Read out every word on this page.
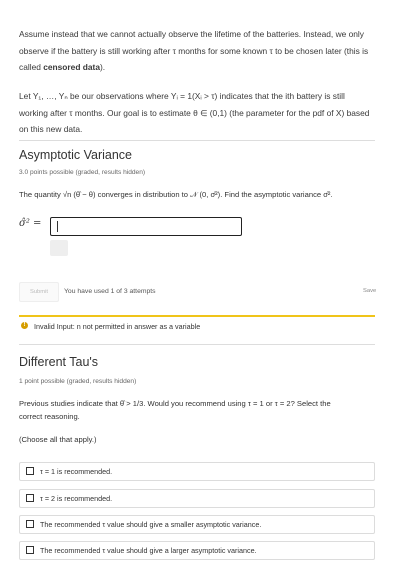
Assume instead that we cannot actually observe the lifetime of the batteries. Instead, we only
observe if the battery is still working after τ months for some known τ to be chosen later (this is
called censored data).
Let Y₁, …, Yₙ be our observations where Yᵢ = 1(Xᵢ > τ) indicates that the ith battery is still
working after τ months. Our goal is to estimate θ ∈ (0,1) (the parameter for the pdf of X) based
on this new data.
Asymptotic Variance
3.0 points possible (graded, results hidden)
The quantity √n (θ̂ − θ) converges in distribution to 𝒩 (0, σ̂²). Find the asymptotic variance σ̂².
σ̂² =
Submit	You have used 1 of 3 attempts	Save
!	Invalid Input: n not permitted in answer as a variable
Different Tau's
1 point possible (graded, results hidden)
Previous studies indicate that θ̂ > 1/3. Would you recommend using τ = 1 or τ = 2? Select the
correct reasoning.
(Choose all that apply.)
τ = 1 is recommended.
τ = 2 is recommended.
The recommended τ value should give a smaller asymptotic variance.
The recommended τ value should give a larger asymptotic variance.
